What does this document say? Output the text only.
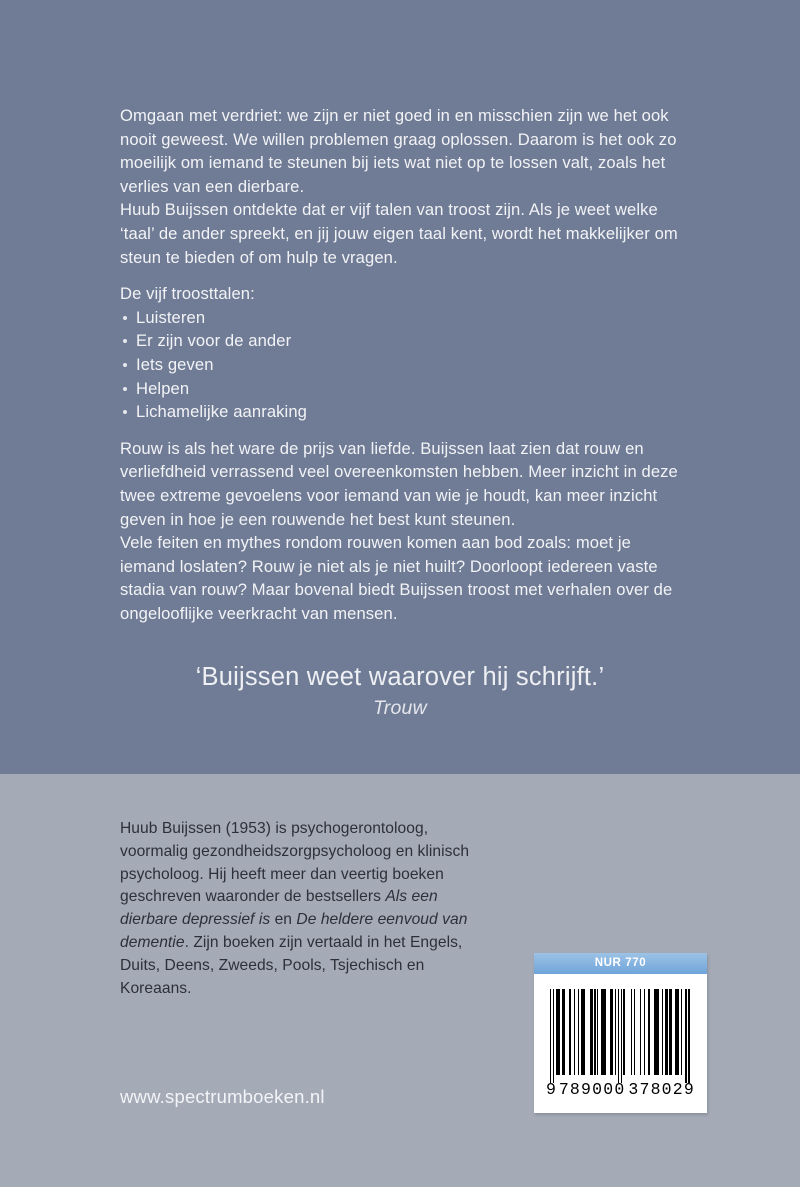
Omgaan met verdriet: we zijn er niet goed in en misschien zijn we het ook nooit geweest. We willen problemen graag oplossen. Daarom is het ook zo moeilijk om iemand te steunen bij iets wat niet op te lossen valt, zoals het verlies van een dierbare.

Huub Buijssen ontdekte dat er vijf talen van troost zijn. Als je weet welke ‘taal’ de ander spreekt, en jij jouw eigen taal kent, wordt het makkelijker om steun te bieden of om hulp te vragen.

De vijf troosttalen:

Luisteren
Er zijn voor de ander
Iets geven
Helpen
Lichamelijke aanraking

Rouw is als het ware de prijs van liefde. Buijssen laat zien dat rouw en verliefdheid verrassend veel overeenkomsten hebben. Meer inzicht in deze twee extreme gevoelens voor iemand van wie je houdt, kan meer inzicht geven in hoe je een rouwende het best kunt steunen.

Vele feiten en mythes rondom rouwen komen aan bod zoals: moet je iemand loslaten? Rouw je niet als je niet huilt? Doorloopt iedereen vaste stadia van rouw? Maar bovenal biedt Buijssen troost met verhalen over de ongelooflijke veerkracht van mensen.

‘Buijssen weet waarover hij schrijft.’
Trouw
Huub Buijssen (1953) is psychogerontoloog, voormalig gezondheidszorgpsycholoog en klinisch psycholoog. Hij heeft meer dan veertig boeken geschreven waaronder de bestsellers Als een dierbare depressief is en De heldere eenvoud van dementie. Zijn boeken zijn vertaald in het Engels, Duits, Deens, Zweeds, Pools, Tsjechisch en Koreaans.
www.spectrumboeken.nl
NUR 770
9 789000 378029
